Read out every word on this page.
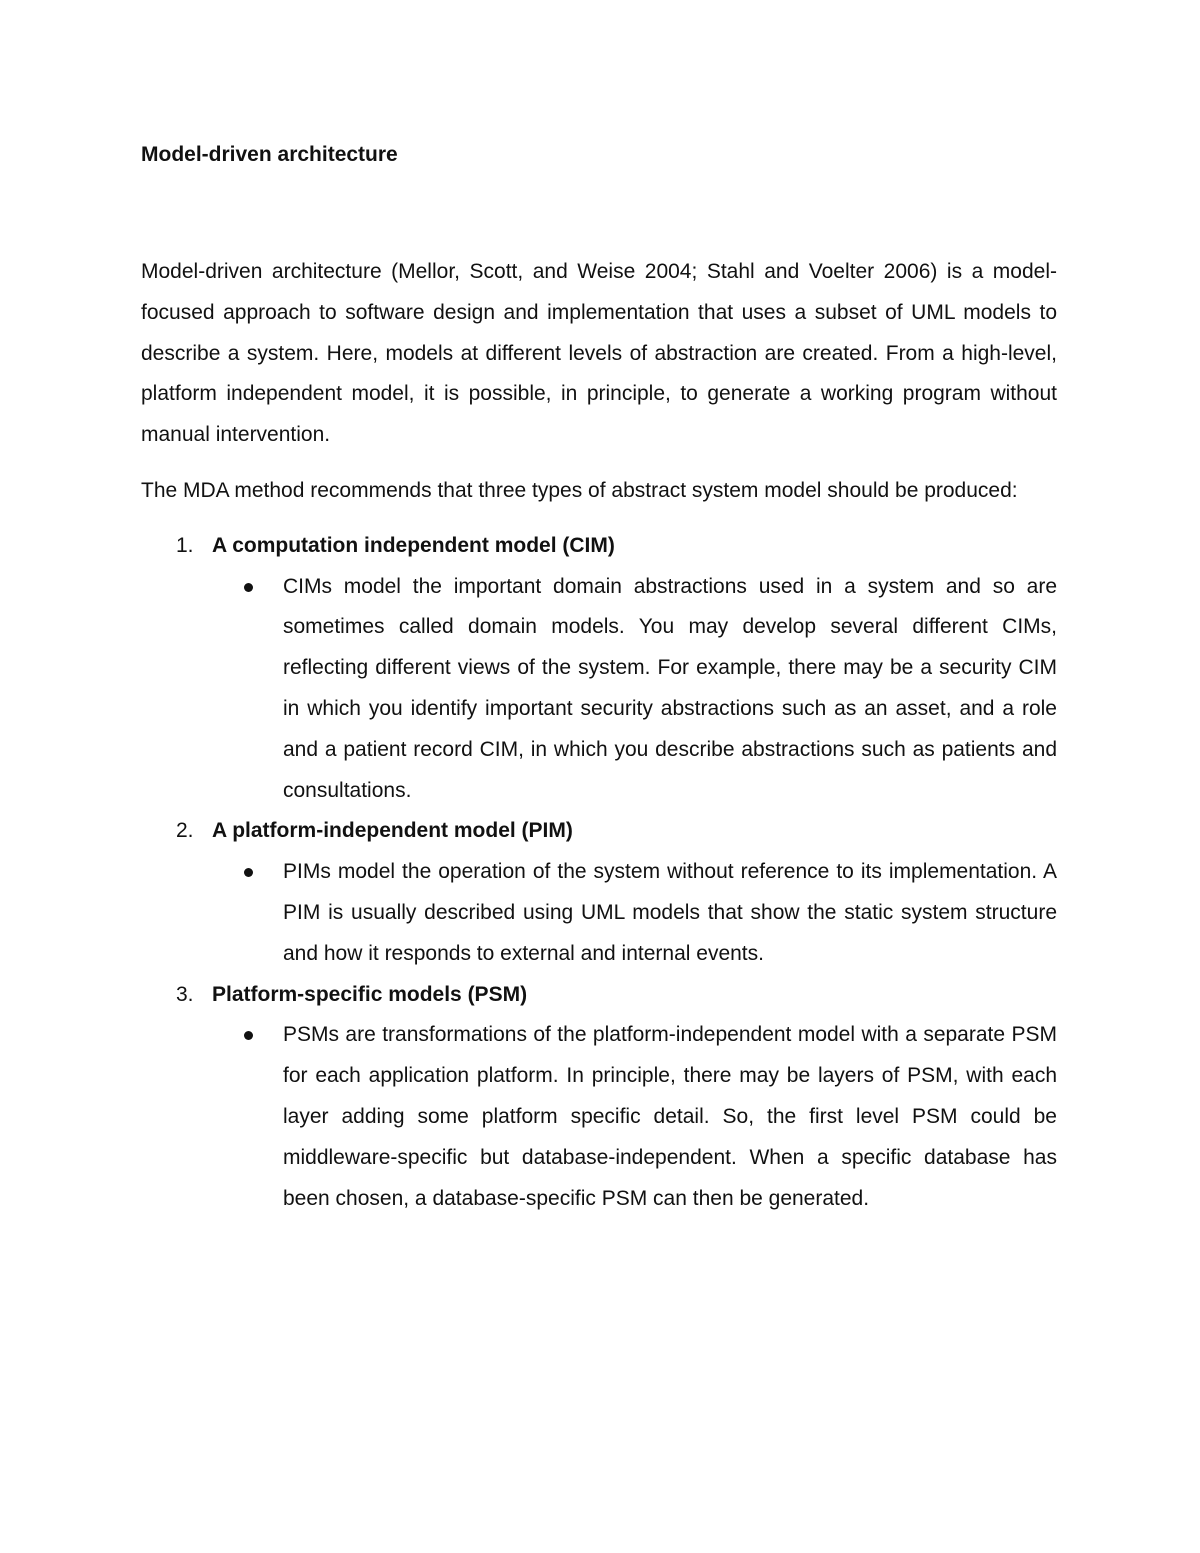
Model-driven architecture

Model-driven architecture (Mellor, Scott, and Weise 2004; Stahl and Voelter 2006) is a model-focused approach to software design and implementation that uses a subset of UML models to describe a system. Here, models at different levels of abstraction are created. From a high-level, platform independent model, it is possible, in principle, to generate a working program without manual intervention.

The MDA method recommends that three types of abstract system model should be produced:

1. A computation independent model (CIM)
CIMs model the important domain abstractions used in a system and so are sometimes called domain models. You may develop several different CIMs, reflecting different views of the system. For example, there may be a security CIM in which you identify important security abstractions such as an asset, and a role and a patient record CIM, in which you describe abstractions such as patients and consultations.
2. A platform-independent model (PIM)
PIMs model the operation of the system without reference to its implementation. A PIM is usually described using UML models that show the static system structure and how it responds to external and internal events.
3. Platform-specific models (PSM)
PSMs are transformations of the platform-independent model with a separate PSM for each application platform. In principle, there may be layers of PSM, with each layer adding some platform specific detail. So, the first level PSM could be middleware-specific but database-independent. When a specific database has been chosen, a database-specific PSM can then be generated.
